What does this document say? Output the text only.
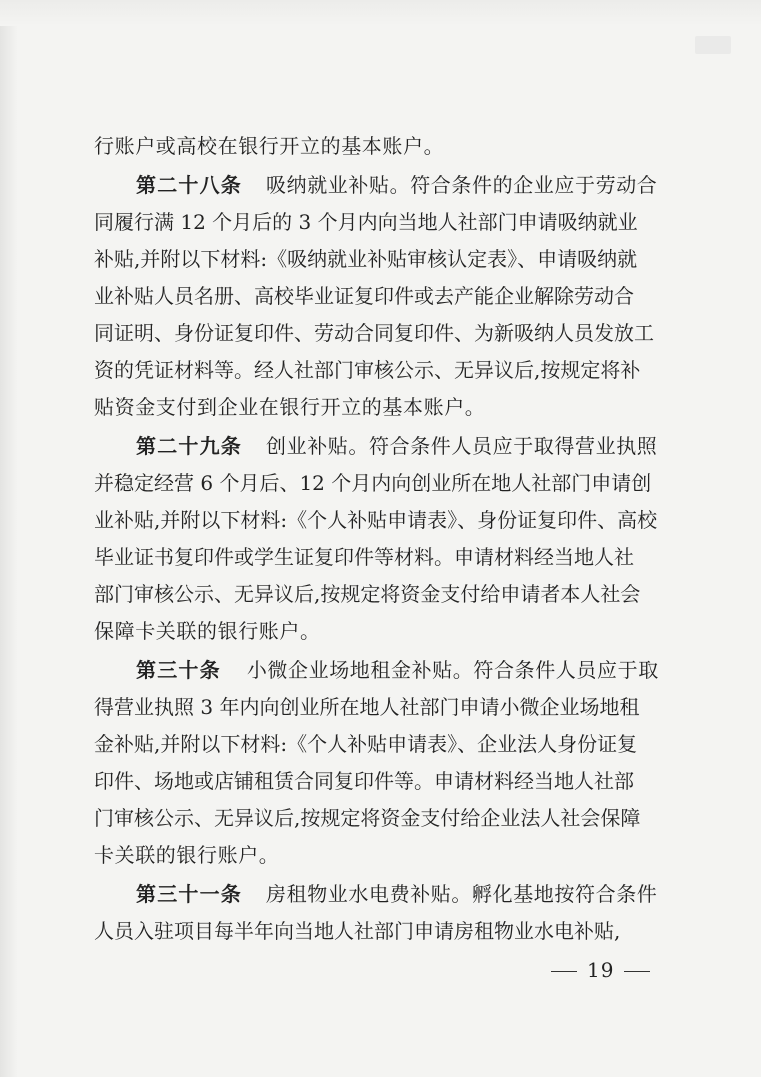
行账户或高校在银行开立的基本账户。
第二十八条 吸纳就业补贴。符合条件的企业应于劳动合
同履行满 12 个月后的 3 个月内向当地人社部门申请吸纳就业
补贴,并附以下材料:《吸纳就业补贴审核认定表》、申请吸纳就
业补贴人员名册、高校毕业证复印件或去产能企业解除劳动合
同证明、身份证复印件、劳动合同复印件、为新吸纳人员发放工
资的凭证材料等。经人社部门审核公示、无异议后,按规定将补
贴资金支付到企业在银行开立的基本账户。
第二十九条 创业补贴。符合条件人员应于取得营业执照
并稳定经营 6 个月后、12 个月内向创业所在地人社部门申请创
业补贴,并附以下材料:《个人补贴申请表》、身份证复印件、高校
毕业证书复印件或学生证复印件等材料。申请材料经当地人社
部门审核公示、无异议后,按规定将资金支付给申请者本人社会
保障卡关联的银行账户。
第三十条 小微企业场地租金补贴。符合条件人员应于取
得营业执照 3 年内向创业所在地人社部门申请小微企业场地租
金补贴,并附以下材料:《个人补贴申请表》、企业法人身份证复
印件、场地或店铺租赁合同复印件等。申请材料经当地人社部
门审核公示、无异议后,按规定将资金支付给企业法人社会保障
卡关联的银行账户。
第三十一条 房租物业水电费补贴。孵化基地按符合条件
人员入驻项目每半年向当地人社部门申请房租物业水电补贴,
19
